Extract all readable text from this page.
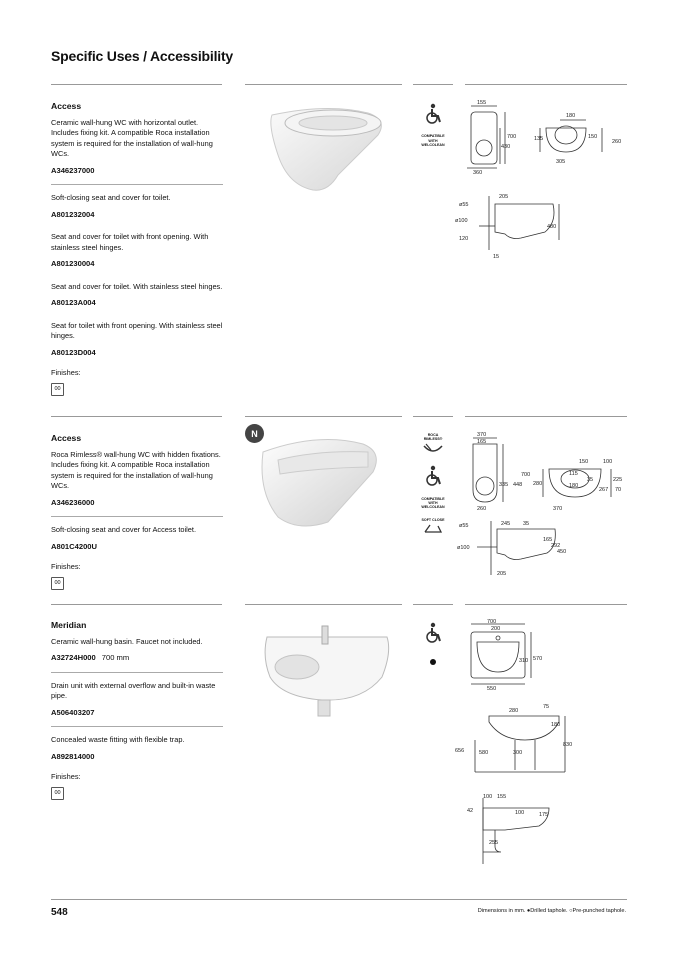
Specific Uses / Accessibility
Access
Ceramic wall-hung WC with horizontal outlet. Includes fixing kit. A compatible Roca installation system is required for the installation of wall-hung WCs.
A346237000
Soft-closing seat and cover for toilet.
A801232004
Seat and cover for toilet with front opening. With stainless steel hinges.
A801230004
Seat and cover for toilet. With stainless steel hinges.
A80123A004
Seat for toilet with front opening. With stainless steel hinges.
A80123D004
Finishes:
00
Access
Roca Rimless® wall-hung WC with hidden fixations. Includes fixing kit. A compatible Roca installation system is required for the installation of wall-hung WCs.
A346236000
Soft-closing seat and cover for Access toilet.
A801C4200U
Finishes:
00
Meridian
Ceramic wall-hung basin. Faucet not included.
A32724H000 700 mm
Drain unit with external overflow and built-in waste pipe.
A506403207
Concealed waste fitting with flexible trap.
A892814000
Finishes:
00
N
COMPATIBLE WITH WELCOLEAN
ROCA RIMLESS®
COMPATIBLE WITH WELCOLEAN
SOFT CLOSE
155
700
430
360
135
180
260
150
305
205
ø55
ø100
120
480
15
370
165
700
335 448
260
280
150
115
180
35
100
225
267 70
370
ø55	245 35
ø100
165
292
450
205
700
200
310 570
550
280
75
180
830
656	580	300
100 155
42	100	175
255
548	Dimensions in mm. ●Drilled taphole. ○Pre-punched taphole.
